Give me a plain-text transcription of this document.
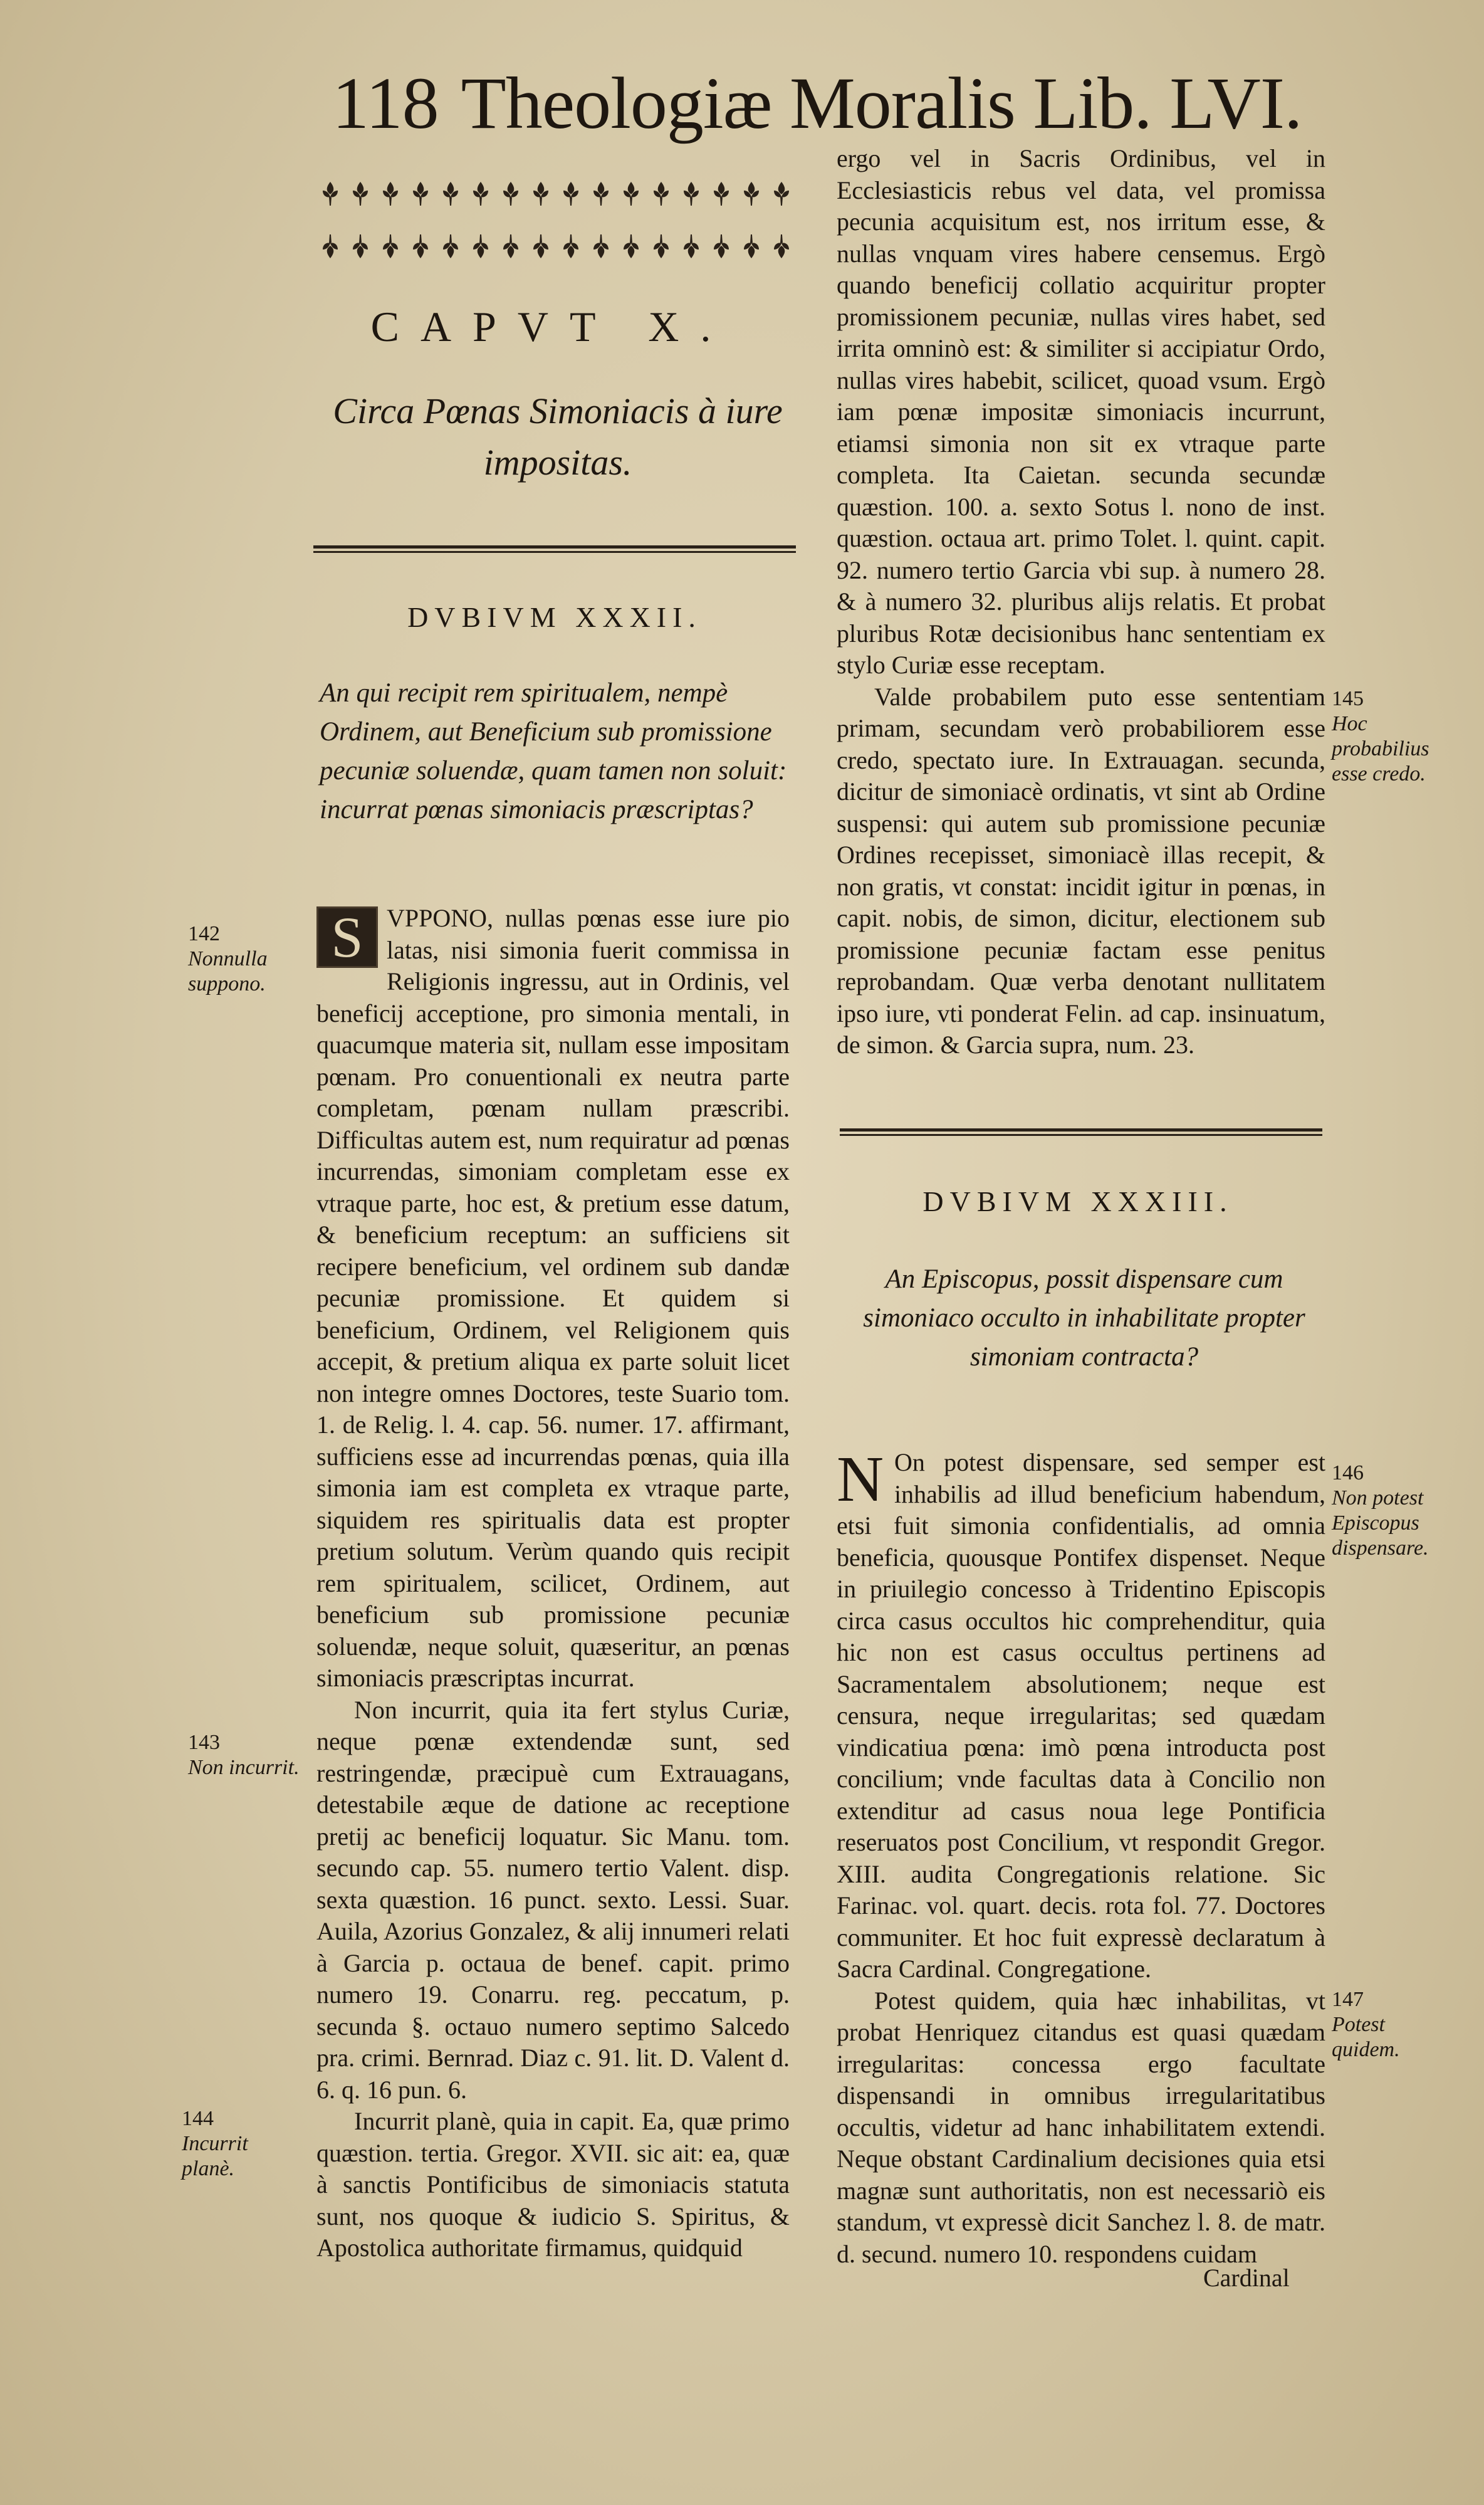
118 Theologiæ Moralis Lib. LVI.
CAPVT X.
Circa Pœnas Simoniacis à iure impositas.
DVBIVM XXXII.
An qui recipit rem spiritualem, nempè Ordinem, aut Beneficium sub promissione pecuniæ soluendæ, quam tamen non soluit: incurrat pœnas simoniacis præscriptas?

S VPPONO, nullas pœnas esse iure pio latas, nisi simonia fuerit commissa in Religionis ingressu, aut in Ordinis, vel beneficij acceptione, pro simonia mentali, in quacumque materia sit, nullam esse impositam pœnam. Pro conuentionali ex neutra parte completam, pœnam nullam præscribi. Difficultas autem est, num requiratur ad pœnas incurrendas, simoniam completam esse ex vtraque parte, hoc est, & pretium esse datum, & beneficium receptum: an sufficiens sit recipere beneficium, vel ordinem sub dandæ pecuniæ promissione. Et quidem si beneficium, Ordinem, vel Religionem quis accepit, & pretium aliqua ex parte soluit licet non integre omnes Doctores, teste Suario tom. 1. de Relig. l. 4. cap. 56. numer. 17. affirmant, sufficiens esse ad incurrendas pœnas, quia illa simonia iam est completa ex vtraque parte, siquidem res spiritualis data est propter pretium solutum. Verùm quando quis recipit rem spiritualem, scilicet, Ordinem, aut beneficium sub promissione pecuniæ soluendæ, neque soluit, quæseritur, an pœnas simoniacis præscriptas incurrat.

Non incurrit, quia ita fert stylus Curiæ, neque pœnæ extendendæ sunt, sed restringendæ, præcipuè cum Extrauagans, detestabile æque de datione ac receptione pretij ac beneficij loquatur. Sic Manu. tom. secundo cap. 55. numero tertio Valent. disp. sexta quæstion. 16 punct. sexto. Lessi. Suar. Auila, Azorius Gonzalez, & alij innumeri relati à Garcia p. octaua de benef. capit. primo numero 19. Conarru. reg. peccatum, p. secunda §. octauo numero septimo Salcedo pra. crimi. Bernrad. Diaz c. 91. lit. D. Valent d. 6. q. 16 pun. 6.

Incurrit planè, quia in capit. Ea, quæ primo quæstion. tertia. Gregor. XVII. sic ait: ea, quæ à sanctis Pontificibus de simoniacis statuta sunt, nos quoque & iudicio S. Spiritus, & Apostolica authoritate firmamus, quidquid

142
Nonnulla suppono.
143
Non incurrit.
144
Incurrit planè.

ergo vel in Sacris Ordinibus, vel in Ecclesiasticis rebus vel data, vel promissa pecunia acquisitum est, nos irritum esse, & nullas vnquam vires habere censemus. Ergò quando beneficij collatio acquiritur propter promissionem pecuniæ, nullas vires habet, sed irrita omninò est: & similiter si accipiatur Ordo, nullas vires habebit, scilicet, quoad vsum. Ergò iam pœnæ impositæ simoniacis incurrunt, etiamsi simonia non sit ex vtraque parte completa. Ita Caietan. secunda secundæ quæstion. 100. a. sexto Sotus l. nono de inst. quæstion. octaua art. primo Tolet. l. quint. capit. 92. numero tertio Garcia vbi sup. à numero 28. & à numero 32. pluribus alijs relatis. Et probat pluribus Rotæ decisionibus hanc sententiam ex stylo Curiæ esse receptam.

Valde probabilem puto esse sententiam primam, secundam verò probabiliorem esse credo, spectato iure. In Extrauagan. secunda, dicitur de simoniacè ordinatis, vt sint ab Ordine suspensi: qui autem sub promissione pecuniæ Ordines recepisset, simoniacè illas recepit, & non gratis, vt constat: incidit igitur in pœnas, in capit. nobis, de simon, dicitur, electionem sub promissione pecuniæ factam esse penitus reprobandam. Quæ verba denotant nullitatem ipso iure, vti ponderat Felin. ad cap. insinuatum, de simon. & Garcia supra, num. 23.

DVBIVM XXXIII.
An Episcopus, possit dispensare cum simoniaco occulto in inhabilitate propter simoniam contracta?

N On potest dispensare, sed semper est inhabilis ad illud beneficium habendum, etsi fuit simonia confidentialis, ad omnia beneficia, quousque Pontifex dispenset. Neque in priuilegio concesso à Tridentino Episcopis circa casus occultos hic comprehenditur, quia hic non est casus occultus pertinens ad Sacramentalem absolutionem; neque est censura, neque irregularitas; sed quædam vindicatiua pœna: imò pœna introducta post concilium; vnde facultas data à Concilio non extenditur ad casus noua lege Pontificia reseruatos post Concilium, vt respondit Gregor. XIII. audita Congregationis relatione. Sic Farinac. vol. quart. decis. rota fol. 77. Doctores communiter. Et hoc fuit expressè declaratum à Sacra Cardinal. Congregatione.

Potest quidem, quia hæc inhabilitas, vt probat Henriquez citandus est quasi quædam irregularitas: concessa ergo facultate dispensandi in omnibus irregularitatibus occultis, videtur ad hanc inhabilitatem extendi. Neque obstant Cardinalium decisiones quia etsi magnæ sunt authoritatis, non est necessariò eis standum, vt expressè dicit Sanchez l. 8. de matr. d. secund. numero 10. respondens cuidam

Cardinal
145
Hoc probabilius esse credo.
146
Non potest Episcopus dispensare.
147
Potest quidem.
